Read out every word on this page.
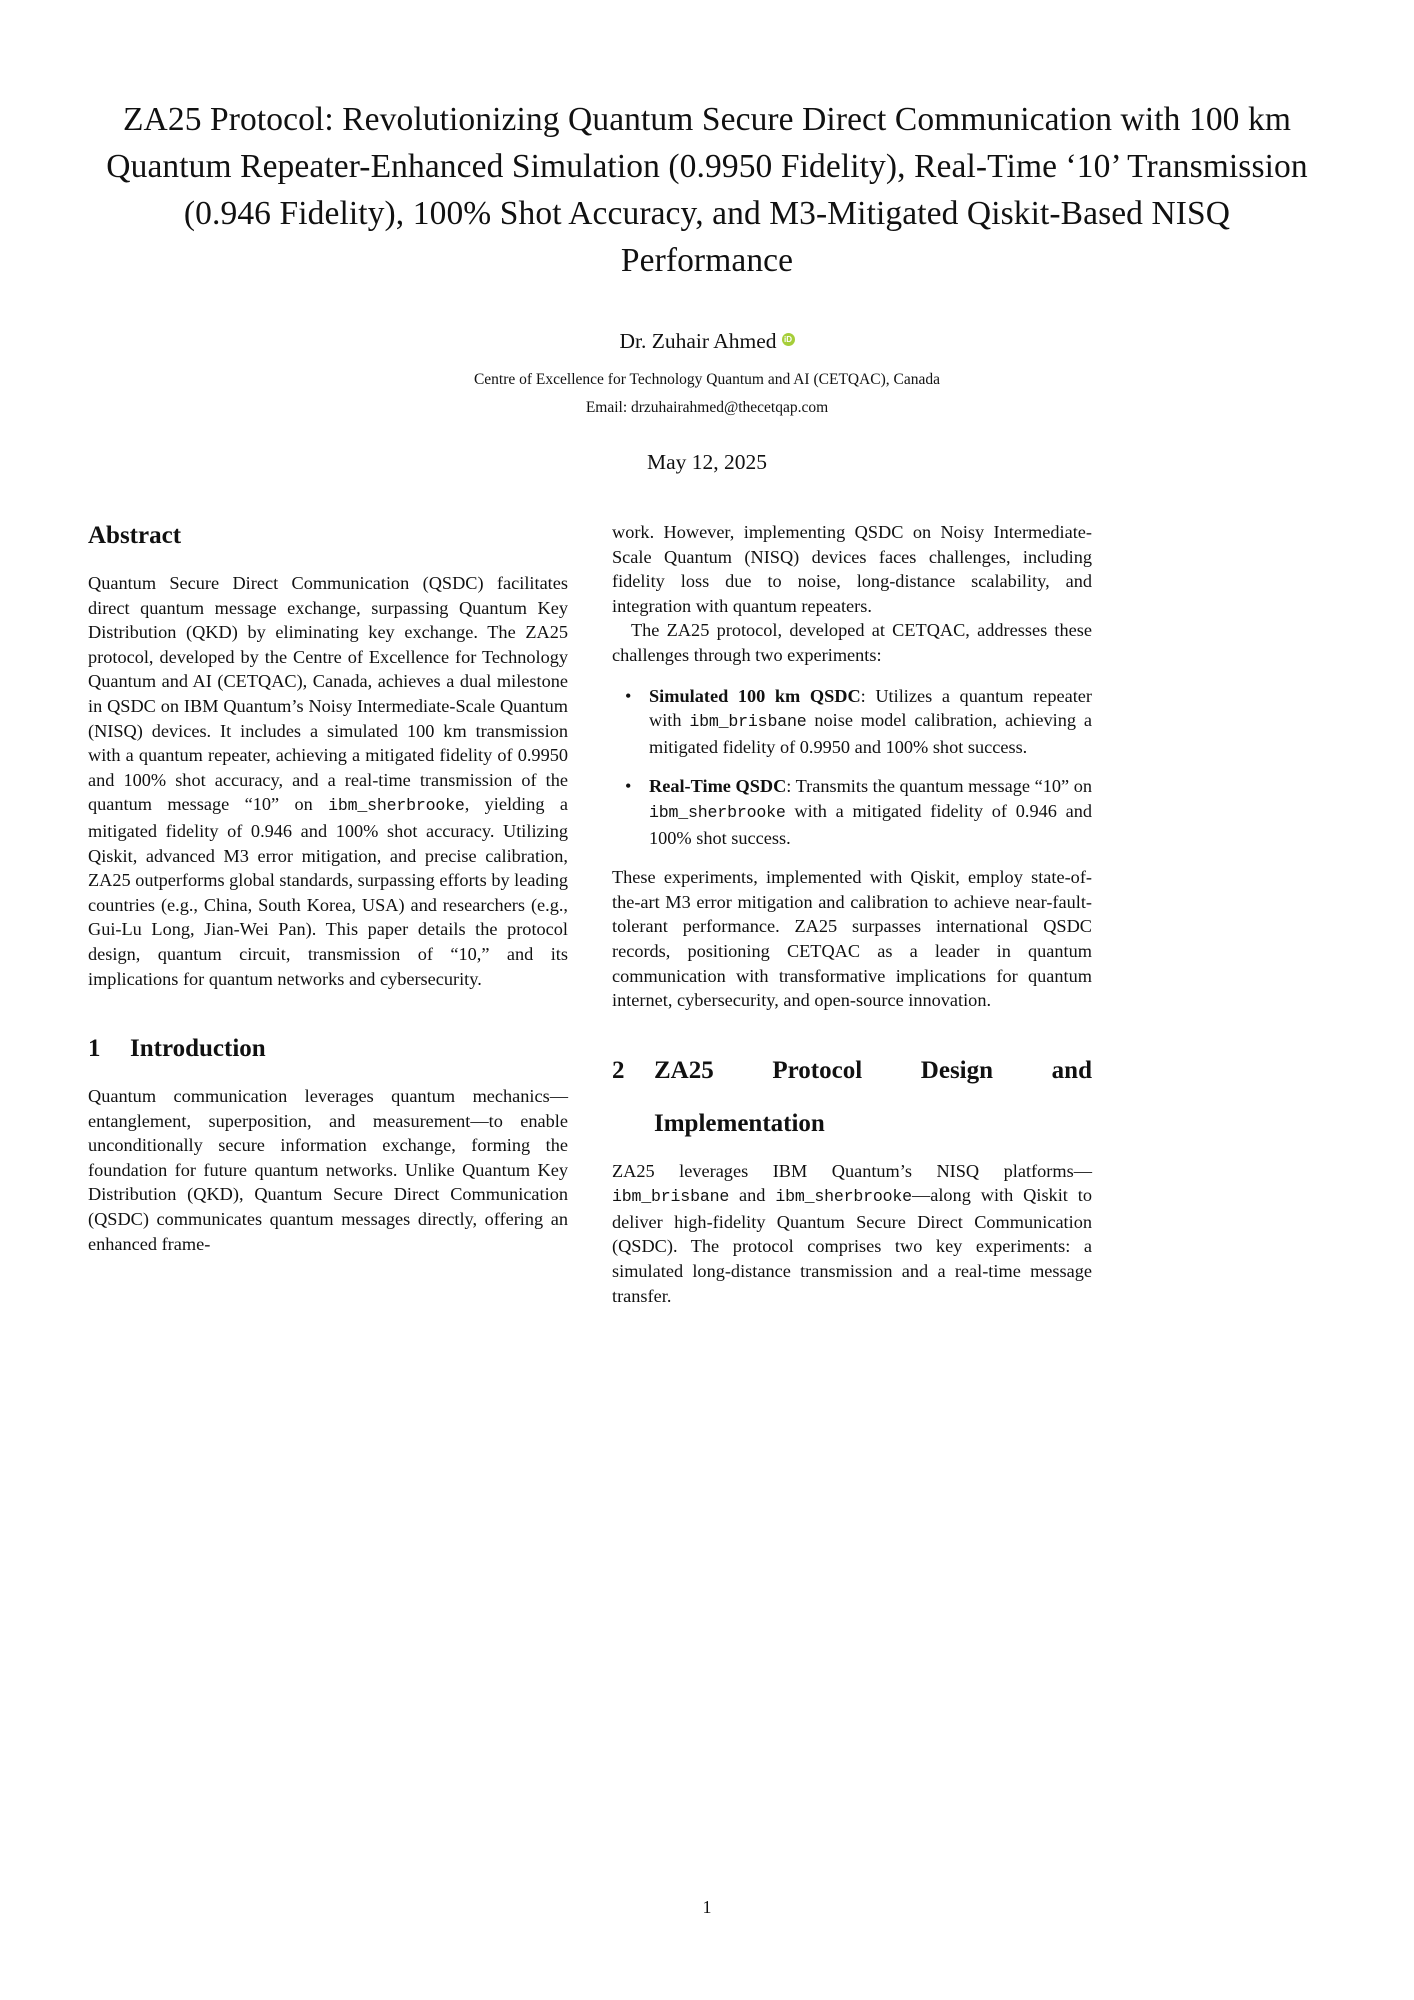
ZA25 Protocol: Revolutionizing Quantum Secure Direct Communication with 100 km Quantum Repeater-Enhanced Simulation (0.9950 Fidelity), Real-Time ‘10’ Transmission (0.946 Fidelity), 100% Shot Accuracy, and M3-Mitigated Qiskit-Based NISQ Performance
Dr. Zuhair AhmediD
Centre of Excellence for Technology Quantum and AI (CETQAC), Canada
Email: drzuhairahmed@thecetqap.com
May 12, 2025
Abstract

Quantum Secure Direct Communication (QSDC) facilitates direct quantum message exchange, surpassing Quantum Key Distribution (QKD) by eliminating key exchange. The ZA25 protocol, developed by the Centre of Excellence for Technology Quantum and AI (CETQAC), Canada, achieves a dual milestone in QSDC on IBM Quantum’s Noisy Intermediate-Scale Quantum (NISQ) devices. It includes a simulated 100 km transmission with a quantum repeater, achieving a mitigated fidelity of 0.9950 and 100% shot accuracy, and a real-time transmission of the quantum message “10” on ibm_sherbrooke, yielding a mitigated fidelity of 0.946 and 100% shot accuracy. Utilizing Qiskit, advanced M3 error mitigation, and precise calibration, ZA25 outperforms global standards, surpassing efforts by leading countries (e.g., China, South Korea, USA) and researchers (e.g., Gui-Lu Long, Jian-Wei Pan). This paper details the protocol design, quantum circuit, transmission of “10,” and its implications for quantum networks and cybersecurity.

1	Introduction

Quantum communication leverages quantum mechanics—entanglement, superposition, and measurement—to enable unconditionally secure information exchange, forming the foundation for future quantum networks. Unlike Quantum Key Distribution (QKD), Quantum Secure Direct Communication (QSDC) communicates quantum messages directly, offering an enhanced frame-

work. However, implementing QSDC on Noisy Intermediate-Scale Quantum (NISQ) devices faces challenges, including fidelity loss due to noise, long-distance scalability, and integration with quantum repeaters.

The ZA25 protocol, developed at CETQAC, addresses these challenges through two experiments:

• Simulated 100 km QSDC: Utilizes a quantum repeater with ibm_brisbane noise model calibration, achieving a mitigated fidelity of 0.9950 and 100% shot success.
• Real-Time QSDC: Transmits the quantum message “10” on ibm_sherbrooke with a mitigated fidelity of 0.946 and 100% shot success.

These experiments, implemented with Qiskit, employ state-of-the-art M3 error mitigation and calibration to achieve near-fault-tolerant performance. ZA25 surpasses international QSDC records, positioning CETQAC as a leader in quantum communication with transformative implications for quantum internet, cybersecurity, and open-source innovation.

2	ZA25 Protocol Design and
Implementation

ZA25 leverages IBM Quantum’s NISQ platforms—ibm_brisbane and ibm_sherbrooke—along with Qiskit to deliver high-fidelity Quantum Secure Direct Communication (QSDC). The protocol comprises two key experiments: a simulated long-distance transmission and a real-time message transfer.

1
